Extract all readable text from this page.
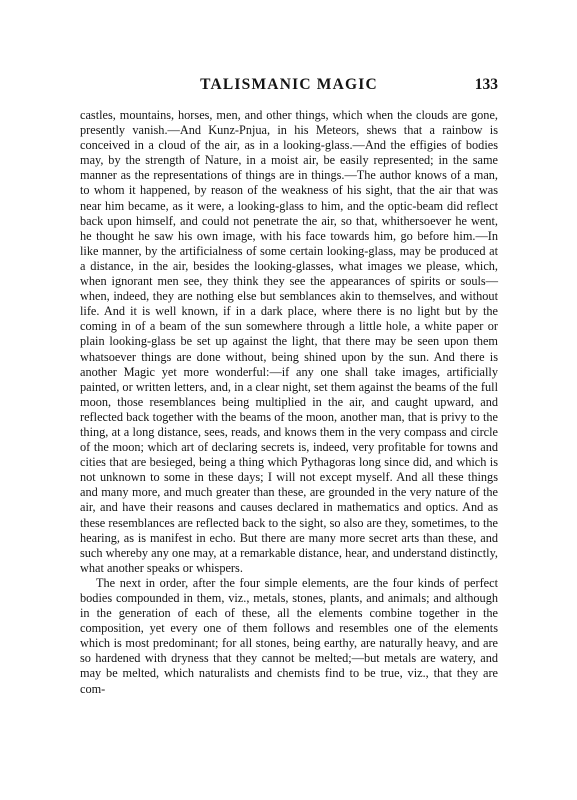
TALISMANIC MAGIC	133

castles, mountains, horses, men, and other things, which when the clouds are gone, presently vanish.—And Kunz-Pnjua, in his Meteors, shews that a rainbow is conceived in a cloud of the air, as in a looking-glass.—And the effigies of bodies may, by the strength of Nature, in a moist air, be easily represented; in the same manner as the representations of things are in things.—The author knows of a man, to whom it happened, by reason of the weakness of his sight, that the air that was near him became, as it were, a looking-glass to him, and the optic-beam did reflect back upon himself, and could not penetrate the air, so that, whithersoever he went, he thought he saw his own image, with his face towards him, go before him.—In like manner, by the artificialness of some certain looking-glass, may be produced at a distance, in the air, besides the looking-glasses, what images we please, which, when ignorant men see, they think they see the appearances of spirits or souls—when, indeed, they are nothing else but semblances akin to themselves, and without life. And it is well known, if in a dark place, where there is no light but by the coming in of a beam of the sun somewhere through a little hole, a white paper or plain looking-glass be set up against the light, that there may be seen upon them whatsoever things are done without, being shined upon by the sun. And there is another Magic yet more wonderful:—if any one shall take images, artificially painted, or written letters, and, in a clear night, set them against the beams of the full moon, those resemblances being multiplied in the air, and caught upward, and reflected back together with the beams of the moon, another man, that is privy to the thing, at a long distance, sees, reads, and knows them in the very compass and circle of the moon; which art of declaring secrets is, indeed, very profitable for towns and cities that are besieged, being a thing which Pythagoras long since did, and which is not unknown to some in these days; I will not except myself. And all these things and many more, and much greater than these, are grounded in the very nature of the air, and have their reasons and causes declared in mathematics and optics. And as these resemblances are reflected back to the sight, so also are they, sometimes, to the hearing, as is manifest in echo. But there are many more secret arts than these, and such whereby any one may, at a remarkable distance, hear, and understand distinctly, what another speaks or whispers.

The next in order, after the four simple elements, are the four kinds of perfect bodies compounded in them, viz., metals, stones, plants, and animals; and although in the generation of each of these, all the elements combine together in the composition, yet every one of them follows and resembles one of the elements which is most predominant; for all stones, being earthy, are naturally heavy, and are so hardened with dryness that they cannot be melted;—but metals are watery, and may be melted, which naturalists and chemists find to be true, viz., that they are com-
